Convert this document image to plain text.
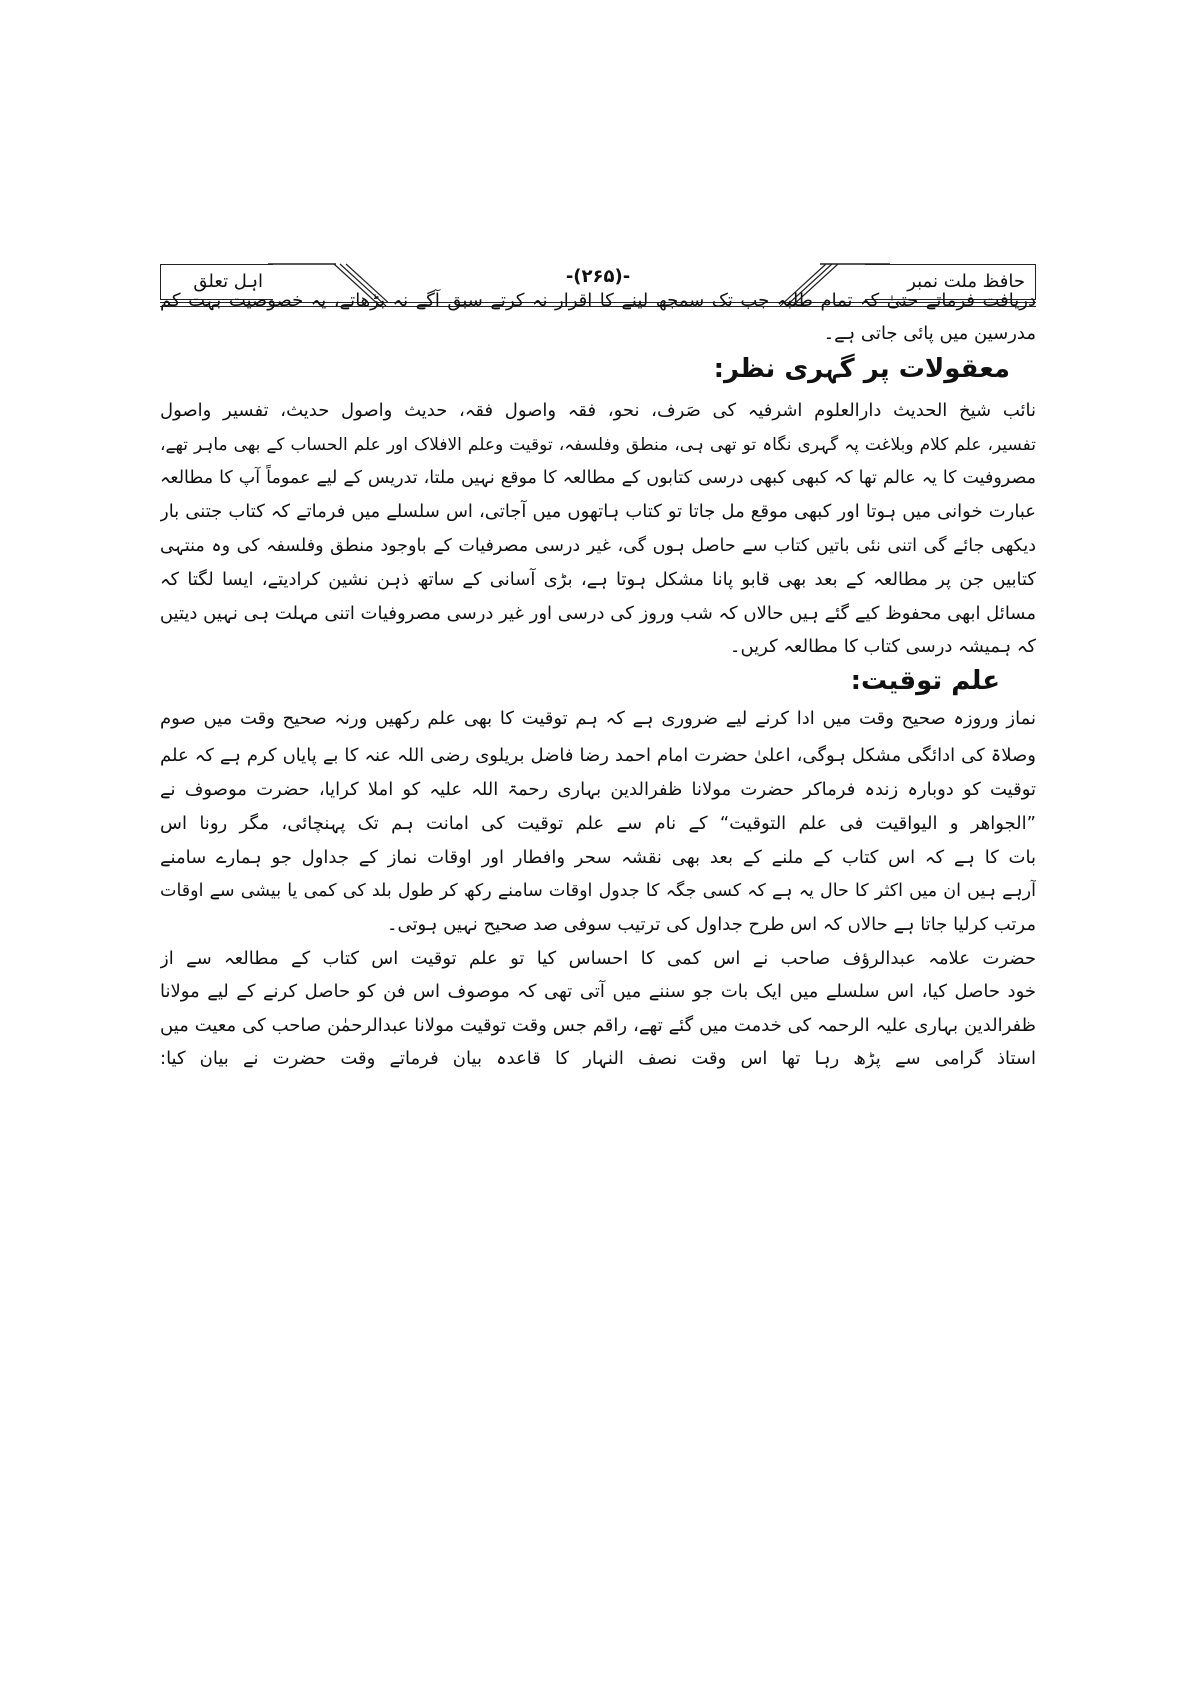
اہل تعلق	حافظ ملت نمبر
-(۲۶۵)-
دریافت فرماتے حتیٰ کہ تمام طلبہ جب تک سمجھ لینے کا اقرار نہ کرتے سبق آگے نہ بڑھاتے، یہ خصوصیت بہت کم
مدرسین میں پائی جاتی ہے۔
معقولات پر گہری نظر:
نائب شیخ الحدیث دارالعلوم اشرفیہ کی صَرف، نحو، فقہ واصول فقہ، حدیث واصول حدیث، تفسیر واصول
تفسیر، علم کلام وبلاغت پہ گہری نگاہ تو تھی ہی، منطق وفلسفہ، توقیت وعلم الافلاک اور علم الحساب کے بھی ماہر تھے،
مصروفیت کا یہ عالم تھا کہ کبھی کبھی درسی کتابوں کے مطالعہ کا موقع نہیں ملتا، تدریس کے لیے عموماً آپ کا مطالعہ
عبارت خوانی میں ہوتا اور کبھی موقع مل جاتا تو کتاب ہاتھوں میں آجاتی، اس سلسلے میں فرماتے کہ کتاب جتنی بار
دیکھی جائے گی اتنی نئی باتیں کتاب سے حاصل ہوں گی، غیر درسی مصرفیات کے باوجود منطق وفلسفہ کی وہ منتہی
کتابیں جن پر مطالعہ کے بعد بھی قابو پانا مشکل ہوتا ہے، بڑی آسانی کے ساتھ ذہن نشین کرادیتے، ایسا لگتا کہ
مسائل ابھی محفوظ کیے گئے ہیں حالاں کہ شب وروز کی درسی اور غیر درسی مصروفیات اتنی مہلت ہی نہیں دیتیں
کہ ہمیشہ درسی کتاب کا مطالعہ کریں۔
علم توقیت:
نماز وروزہ صحیح وقت میں ادا کرنے لیے ضروری ہے کہ ہم توقیت کا بھی علم رکھیں ورنہ صحیح وقت میں صوم
وصلاۃ کی ادائگی مشکل ہوگی، اعلیٰ حضرت امام احمد رضا فاضل بریلوی رضی اللہ عنہ کا بے پایاں کرم ہے کہ علم
توقیت کو دوبارہ زندہ فرماکر حضرت مولانا ظفرالدین بہاری رحمۃ اللہ علیہ کو املا کرایا، حضرت موصوف نے
”الجواھر و الیواقیت فی علم التوقیت“ کے نام سے علم توقیت کی امانت ہم تک پہنچائی، مگر رونا اس
بات کا ہے کہ اس کتاب کے ملنے کے بعد بھی نقشہ سحر وافطار اور اوقات نماز کے جداول جو ہمارے سامنے
آرہے ہیں ان میں اکثر کا حال یہ ہے کہ کسی جگہ کا جدول اوقات سامنے رکھ کر طول بلد کی کمی یا بیشی سے اوقات
مرتب کرلیا جاتا ہے حالاں کہ اس طرح جداول کی ترتیب سوفی صد صحیح نہیں ہوتی۔
حضرت علامہ عبدالرؤف صاحب نے اس کمی کا احساس کیا تو علم توقیت اس کتاب کے مطالعہ سے از
خود حاصل کیا، اس سلسلے میں ایک بات جو سننے میں آتی تھی کہ موصوف اس فن کو حاصل کرنے کے لیے مولانا
ظفرالدین بہاری علیہ الرحمہ کی خدمت میں گئے تھے، راقم جس وقت توقیت مولانا عبدالرحمٰن صاحب کی معیت میں
استاذ گرامی سے پڑھ رہا تھا اس وقت نصف النہار کا قاعدہ بیان فرماتے وقت حضرت نے بیان کیا:
